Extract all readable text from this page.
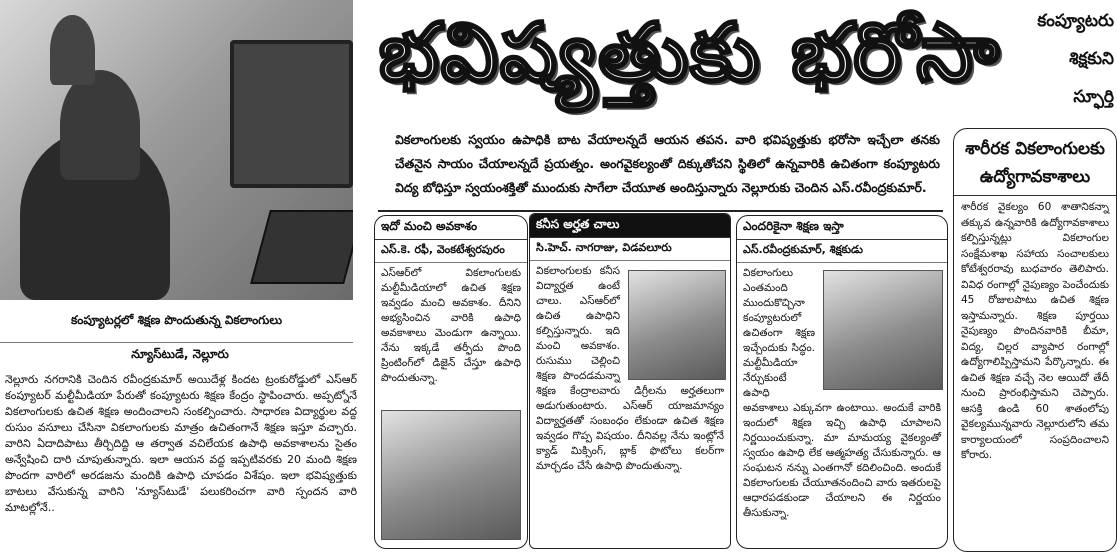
కంప్యూటర్లలో శిక్షణ పొందుతున్న వికలాంగులు
భవిష్యత్తుకు భరోసా	కంప్యూటరు
శిక్షకుని
స్ఫూర్తి
వికలాంగులకు స్వయం ఉపాధికి బాట వేయాలన్నదే ఆయన తపన. వారి భవిష్యత్తుకు భరోసా ఇచ్చేలా తనకు చేతనైన సాయం చేయాలన్నదే ప్రయత్నం. అంగవైకల్యంతో దిక్కుతోచని స్థితిలో ఉన్నవారికి ఉచితంగా కంప్యూటరు విద్య బోధిస్తూ స్వయంశక్తితో ముందుకు సాగేలా చేయూత అందిస్తున్నారు నెల్లూరుకు చెందిన ఎస్.రవీంద్రకుమార్.
న్యూస్‌టుడే, నెల్లూరు
నెల్లూరు నగరానికి చెందిన రవీంద్రకుమార్ అయిదేళ్ల కిందట ట్రంకురోడ్డులో ఎస్‌ఆర్ కంప్యూటర్ మల్టీమీడియా పేరుతో కంప్యూటరు శిక్షణ కేంద్రం స్థాపించారు. అప్పట్నోనే వికలాంగులకు ఉచిత శిక్షణ అందించాలని సంకల్పించారు. సాధారణ విద్యార్థుల వద్ద రుసుం వసూలు చేసినా వికలాంగులకు మాత్రం ఉచితంగానే శిక్షణ ఇస్తూ వచ్చారు. వారిని ఏదాదిపాటు తీర్చిదిద్ది ఆ తర్వాత వచిలేయక ఉపాధి అవకాశాలను సైతం అన్వేషించి దారి చూపుతున్నారు. ఇలా ఆయన వద్ద ఇప్పటివరకు 20 మంది శిక్షణ పొందగా వారిలో అరడజను మందికి ఉపాధి చూపడం విశేషం. ఇలా భవిష్యత్తుకు బాటలు వేసుకున్న వారిని 'న్యూస్‌టుడే' పలుకరించగా వారి స్పందన వారి మాటల్లోనే..
ఇదో మంచి అవకాశం
ఎస్.కె. రఫీ, వెంకటేశ్వరపురం
ఎస్‌ఆర్‌లో వికలాంగులకు మల్టీమీడియాలో ఉచిత శిక్షణ ఇవ్వడం మంచి అవకాశం. దీనిని అభ్యసించిన వారికి ఉపాధి అవకాశాలు మెండుగా ఉన్నాయి. నేను ఇక్కడే తర్ఫీదు పొంది ప్రింటింగ్‌లో డిజైన్ చేస్తూ ఉపాధి పొందుతున్నా.
కనీస అర్హత చాలు
సి.హెచ్. నాగరాజు, విడవలూరు
వికలాంగులకు కనీస విద్యార్హత ఉంటే చాలు. ఎస్‌ఆర్‌లో ఉచిత ఉపాధిని కల్పిస్తున్నారు. ఇది మంచి అవకాశం. రుసుము చెల్లించి శిక్షణ పొందడమన్నా శిక్షణ కేంద్రాలవారు డిగ్రీలను అర్హతలుగా అడుగుతుంటారు. ఎస్‌ఆర్ యాజమాన్యం విద్యార్హతతో సంబంధం లేకుండా ఉచిత శిక్షణ ఇవ్వడం గొప్ప విషయం. దీనివల్ల నేను ఇంట్లోనే క్యాడ్ మిక్సింగ్, బ్లాక్ ఫొటోలు కలర్‌గా మార్చడం చేసే ఉపాధి పొందుతున్నా.
ఎందరికైనా శిక్షణ ఇస్తా
ఎస్.రవీంద్రకుమార్, శిక్షకుడు
వికలాంగులు ఎంతమంది ముందుకొచ్చినా కంప్యూటరులో ఉచితంగా శిక్షణ ఇచ్చేందుకు సిద్ధం. మల్టీమీడియా నేర్చుకుంటే ఉపాధి అవకాశాలు ఎక్కువగా ఉంటాయి. అందుకే వారికి ఇందులో శిక్షణ ఇచ్చి ఉపాధి చూపాలని నిర్ణయించుకున్నా. మా మామయ్య వైకల్యంతో స్వయం ఉపాధి లేక ఆత్మహత్య చేసుకున్నారు. ఆ సంఘటన నన్ను ఎంతగానో కదిలించింది. అందుకే వికలాంగులకు చేయూతనందించి వారు ఇతరులపై ఆధారపడకుండా చేయాలని ఈ నిర్ణయం తీసుకున్నా.
శారీరక వికలాంగులకు ఉద్యోగావకాశాలు
శారీరక వైకల్యం 60 శాతానికన్నా తక్కువ ఉన్నవారికి ఉద్యోగావకాశాలు కల్పిస్తున్నట్లు వికలాంగుల సంక్షేమశాఖ సహాయ సంచాలకులు కోటేశ్వరరావు బుధవారం తెలిపారు. వివిధ రంగాల్లో నైపుణ్యం పెంచేందుకు 45 రోజులపాటు ఉచిత శిక్షణ ఇస్తామన్నారు. శిక్షణ పూర్తయి నైపుణ్యం పొందినవారికి బీమా, విద్య, చిల్లర వ్యాపార రంగాల్లో ఉద్యోగాలిప్పిస్తామని పేర్కొన్నారు. ఈ ఉచిత శిక్షణ వచ్చే నెల ఆయిదో తేదీ నుంచి ప్రారంభిస్తామని చెప్పారు. ఆసక్తి ఉండి 60 శాతంలోపు వైకల్యమున్నవారు నెల్లూరులోని తమ కార్యాలయంలో సంప్రదించాలని కోరారు.
